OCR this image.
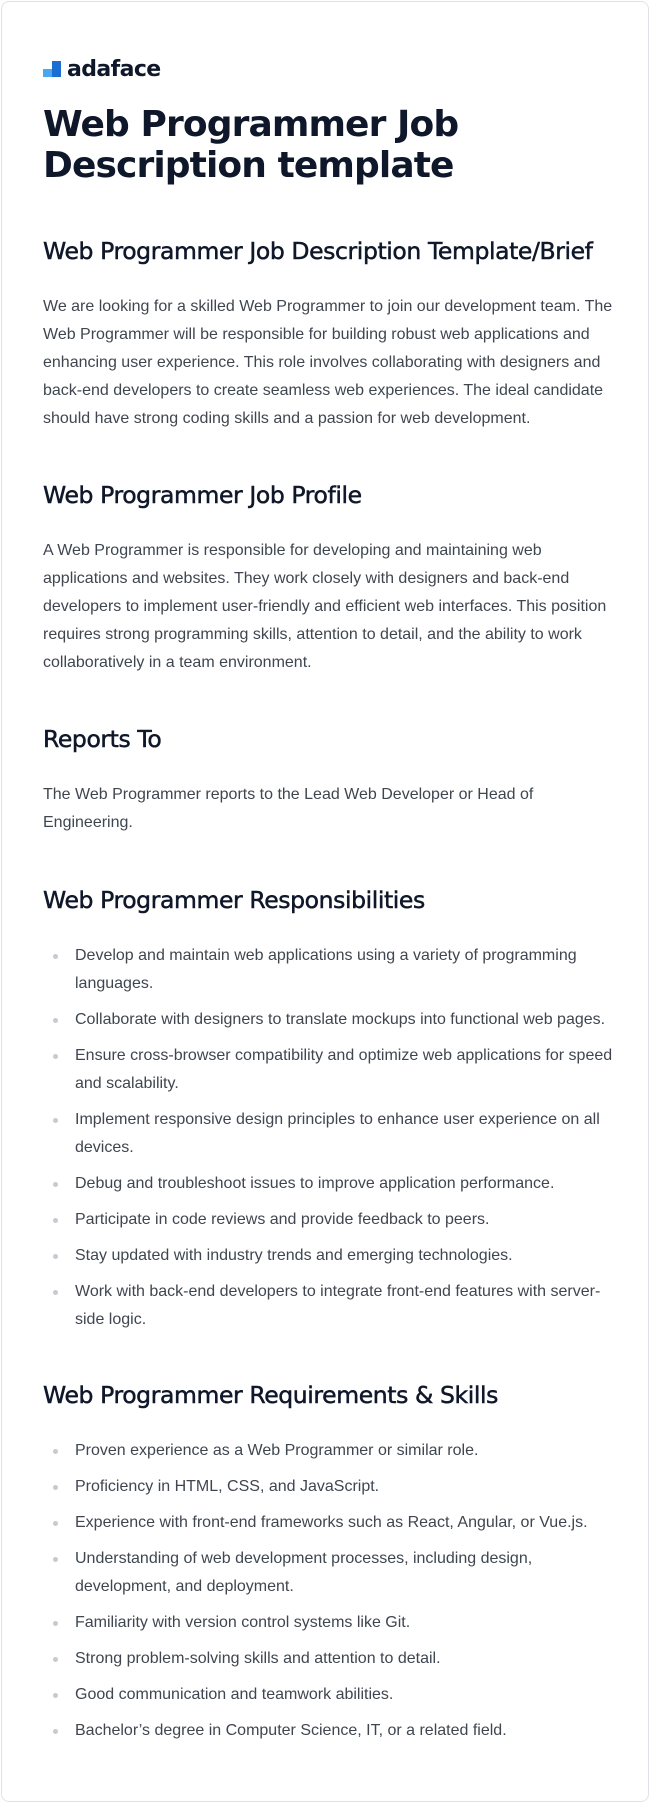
adaface
Web Programmer Job Description template
Web Programmer Job Description Template/Brief

We are looking for a skilled Web Programmer to join our development team. The Web Programmer will be responsible for building robust web applications and enhancing user experience. This role involves collaborating with designers and back-end developers to create seamless web experiences. The ideal candidate should have strong coding skills and a passion for web development.

Web Programmer Job Profile

A Web Programmer is responsible for developing and maintaining web applications and websites. They work closely with designers and back-end developers to implement user-friendly and efficient web interfaces. This position requires strong programming skills, attention to detail, and the ability to work collaboratively in a team environment.

Reports To

The Web Programmer reports to the Lead Web Developer or Head of Engineering.

Web Programmer Responsibilities
Develop and maintain web applications using a variety of programming languages.
Collaborate with designers to translate mockups into functional web pages.
Ensure cross-browser compatibility and optimize web applications for speed and scalability.
Implement responsive design principles to enhance user experience on all devices.
Debug and troubleshoot issues to improve application performance.
Participate in code reviews and provide feedback to peers.
Stay updated with industry trends and emerging technologies.
Work with back-end developers to integrate front-end features with server-side logic.
Web Programmer Requirements & Skills
Proven experience as a Web Programmer or similar role.
Proficiency in HTML, CSS, and JavaScript.
Experience with front-end frameworks such as React, Angular, or Vue.js.
Understanding of web development processes, including design, development, and deployment.
Familiarity with version control systems like Git.
Strong problem-solving skills and attention to detail.
Good communication and teamwork abilities.
Bachelor’s degree in Computer Science, IT, or a related field.
